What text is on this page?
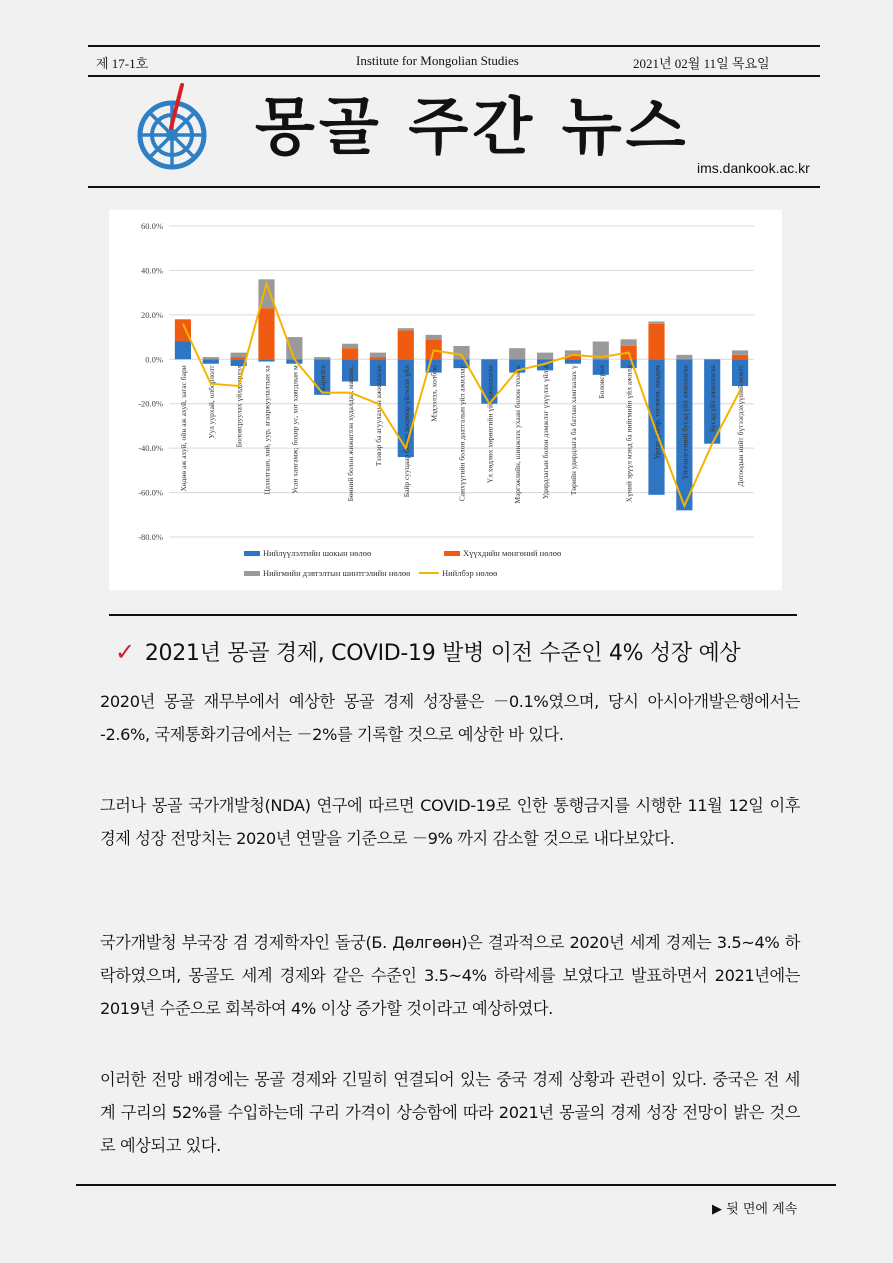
제 17-1호	Institute for Mongolian Studies	2021년 02월 11일 목요일
몽골 주간 뉴스
ims.dankook.ac.kr
60.0%
40.0%
20.0%
0.0%
-20.0%
-40.0%
-60.0%
-80.0%
Хөдөө аж ахуй, ойн аж ахуй, загас бари	Уул уурхай, олборлолт	Боловсруулах үйлдвэрлэл	Цахилгаан, хий, уур, агааржуулалтын ха	Усан хангамж; бохир ус, хог хаягдлын м	Барилга	Бөөний болон жижиглэн худалдаа, машин.	Тээвэр ба агуулахын ажиллагаа	Байр сууцаар болон хоолоор үйлчлэх үйл	Мэдээлэл, холбоо	Санхүүгийн болон даатгалын үйл ажиллаг	Үл хөдлөх хөрөнгийн үйл ажиллагаа	Мэргэжлийн, шинжлэх ухаан болон техник	Удирдлагын болон дэмжлэг үзүүлэх үйл а	Төрийн удирдлага ба батлан хамгаалах ү	Боловсрол	Хүний эрүүл мэнд ба нийгмийн үйл ажилл	Урлаг, үзвэр, тоглоом, наадам	Үйлчилгээний бусад үйл ажиллагаа	Бусад үйл ажиллагаа	Дотоодын нийт бүтээгдэхүүний өсөлт
Нийлүүлэлтийн шокын нөлөө	Хүүхдийн мөнгөний нөлөө
Нийгмийн дэвтэлтын шинтгэлийн нөлөө	Нийлбэр нөлөө
✓ 2021년 몽골 경제, COVID-19 발병 이전 수준인 4% 성장 예상
2020년 몽골 재무부에서 예상한 몽골 경제 성장률은 －0.1%였으며, 당시 아시아개발은행에서는 -2.6%, 국제통화기금에서는 －2%를 기록할 것으로 예상한 바 있다.
그러나 몽골 국가개발청(NDA) 연구에 따르면 COVID-19로 인한 통행금지를 시행한 11월 12일 이후 경제 성장 전망치는 2020년 연말을 기준으로 －9% 까지 감소할 것으로 내다보았다.
국가개발청 부국장 겸 경제학자인 돌궁(Б. Дөлгөөн)은 결과적으로 2020년 세계 경제는 3.5~4% 하락하였으며, 몽골도 세계 경제와 같은 수준인 3.5~4% 하락세를 보였다고 발표하면서 2021년에는 2019년 수준으로 회복하여 4% 이상 증가할 것이라고 예상하였다.
이러한 전망 배경에는 몽골 경제와 긴밀히 연결되어 있는 중국 경제 상황과 관련이 있다. 중국은 전 세계 구리의 52%를 수입하는데 구리 가격이 상승함에 따라 2021년 몽골의 경제 성장 전망이 밝은 것으로 예상되고 있다.
▶ 뒷 면에 계속
